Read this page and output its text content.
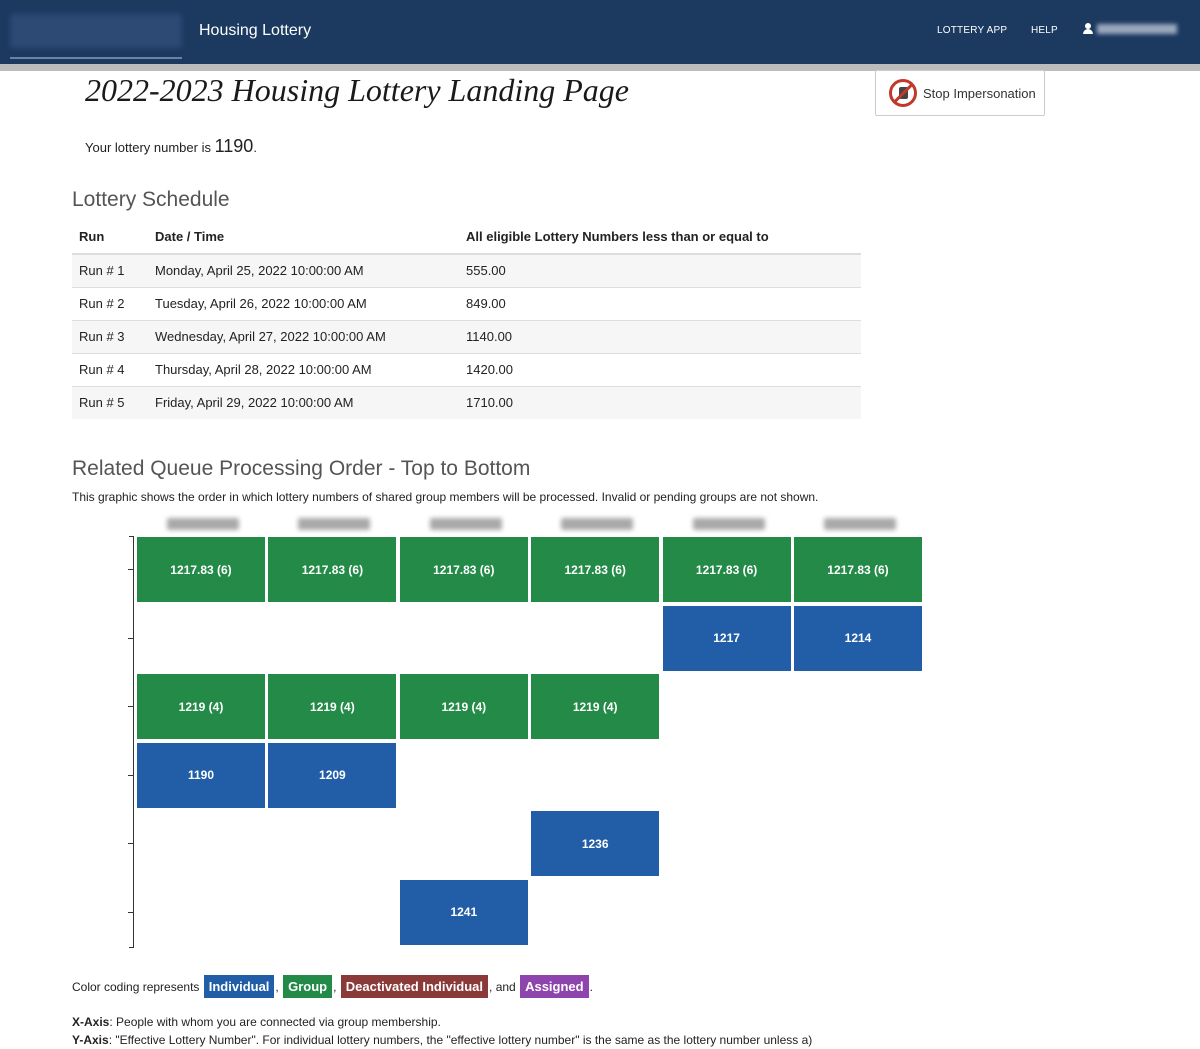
Housing Lottery	LOTTERY APP HELP
2022-2023 Housing Lottery Landing Page	Stop Impersonation
Your lottery number is 1190.
Lottery Schedule
Run	Date / Time	All eligible Lottery Numbers less than or equal to
Run # 1	Monday, April 25, 2022 10:00:00 AM	555.00
Run # 2	Tuesday, April 26, 2022 10:00:00 AM	849.00
Run # 3	Wednesday, April 27, 2022 10:00:00 AM	1140.00
Run # 4	Thursday, April 28, 2022 10:00:00 AM	1420.00
Run # 5	Friday, April 29, 2022 10:00:00 AM	1710.00
Related Queue Processing Order - Top to Bottom
This graphic shows the order in which lottery numbers of shared group members will be processed. Invalid or pending groups are not shown.
1217.83 (6)	1217.83 (6)	1217.83 (6)	1217.83 (6)	1217.83 (6)	1217.83 (6)
1217	1214
1219 (4)	1219 (4)	1219 (4)	1219 (4)
1190	1209
1236
1241
Color coding represents
Individual , Group , Deactivated Individual , and
Assigned .
X-Axis: People with whom you are connected via group membership.
Y-Axis: "Effective Lottery Number". For individual lottery numbers, the "effective lottery number" is the same as the lottery number unless a)
